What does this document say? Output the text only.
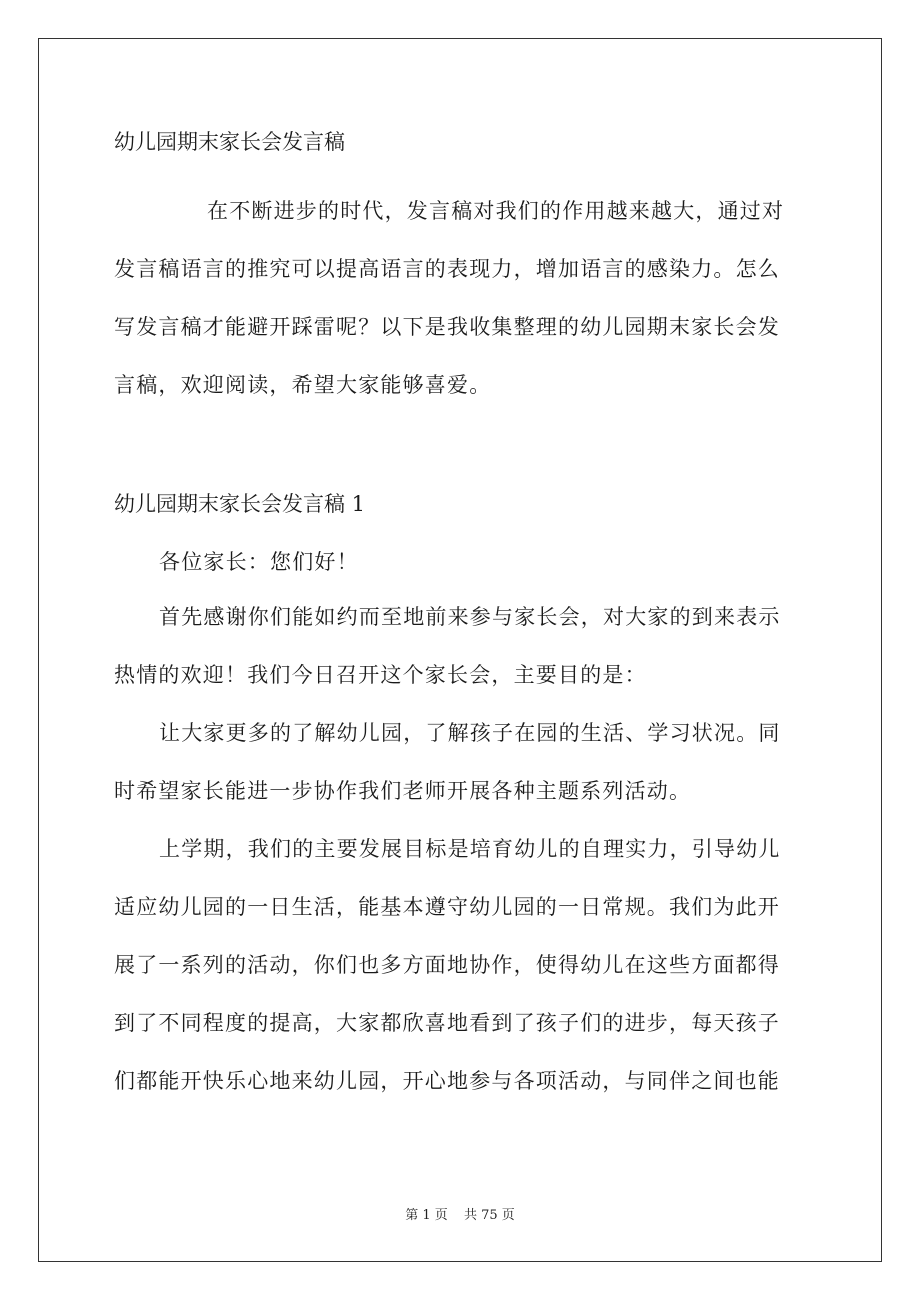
幼儿园期末家长会发言稿
在不断进步的时代，发言稿对我们的作用越来越大，通过对
发言稿语言的推究可以提高语言的表现力，增加语言的感染力。怎么
写发言稿才能避开踩雷呢？以下是我收集整理的幼儿园期末家长会发
言稿，欢迎阅读，希望大家能够喜爱。
幼儿园期末家长会发言稿 1
各位家长：您们好！
首先感谢你们能如约而至地前来参与家长会，对大家的到来表示
热情的欢迎！我们今日召开这个家长会，主要目的是：
让大家更多的了解幼儿园，了解孩子在园的生活、学习状况。同
时希望家长能进一步协作我们老师开展各种主题系列活动。
上学期，我们的主要发展目标是培育幼儿的自理实力，引导幼儿
适应幼儿园的一日生活，能基本遵守幼儿园的一日常规。我们为此开
展了一系列的活动，你们也多方面地协作，使得幼儿在这些方面都得
到了不同程度的提高，大家都欣喜地看到了孩子们的进步，每天孩子
们都能开快乐心地来幼儿园，开心地参与各项活动，与同伴之间也能
第 1 页 共 75 页
